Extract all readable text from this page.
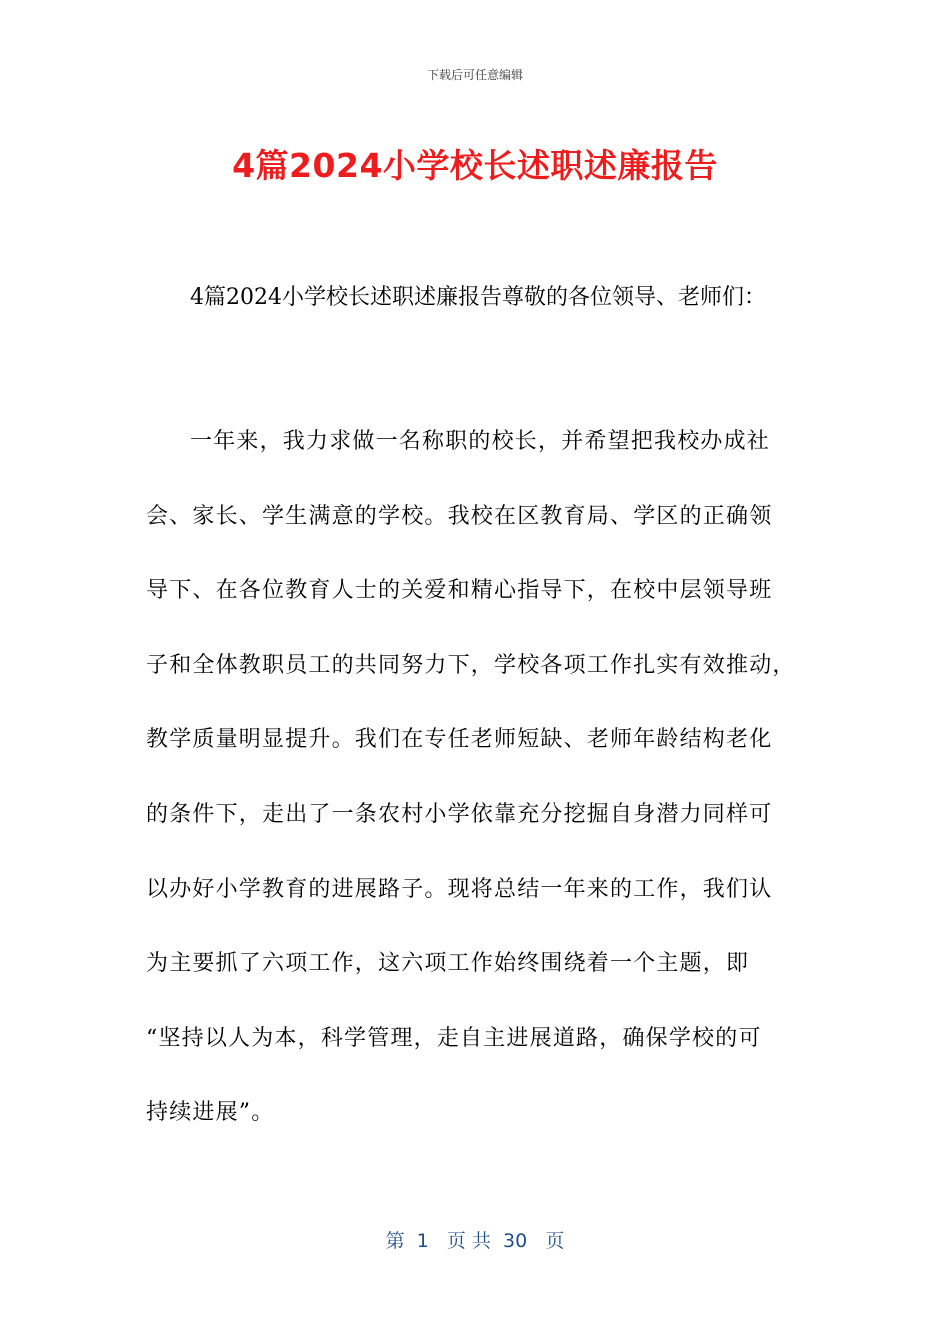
下载后可任意编辑
4篇2024小学校长述职述廉报告
4篇2024小学校长述职述廉报告尊敬的各位领导、老师们：
一年来，我力求做一名称职的校长，并希望把我校办成社
会、家长、学生满意的学校。我校在区教育局、学区的正确领
导下、在各位教育人士的关爱和精心指导下，在校中层领导班
子和全体教职员工的共同努力下，学校各项工作扎实有效推动，
教学质量明显提升。我们在专任老师短缺、老师年龄结构老化
的条件下，走出了一条农村小学依靠充分挖掘自身潜力同样可
以办好小学教育的进展路子。现将总结一年来的工作，我们认
为主要抓了六项工作，这六项工作始终围绕着一个主题，即
“坚持以人为本，科学管理，走自主进展道路，确保学校的可
持续进展”。
第  1   页 共  30   页
